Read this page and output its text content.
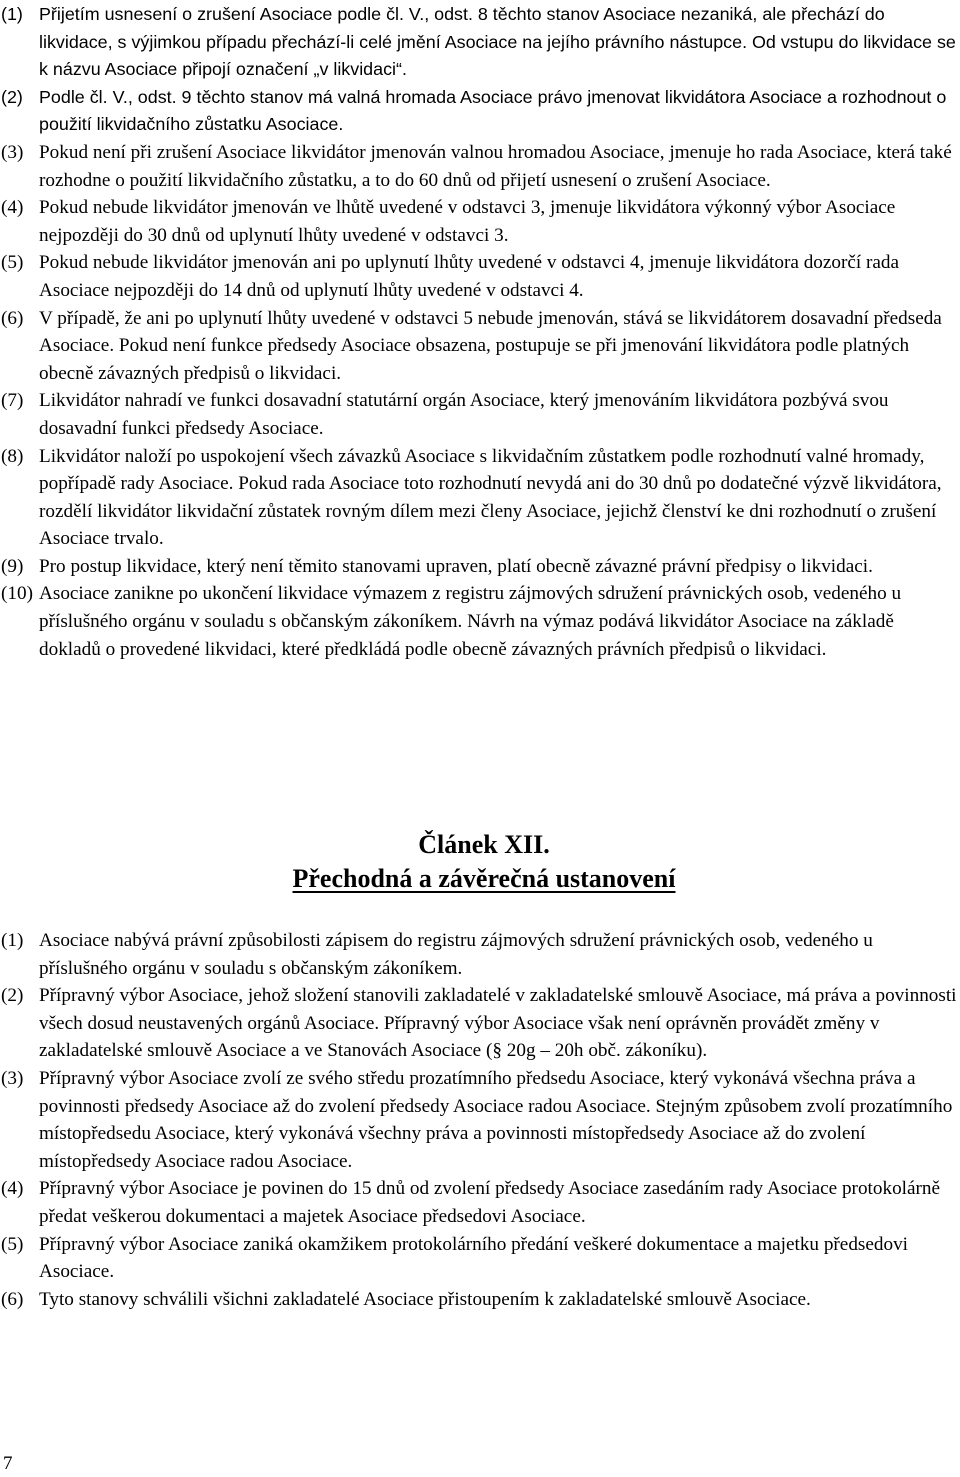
(1) Přijetím usnesení o zrušení Asociace podle čl. V., odst. 8 těchto stanov Asociace nezaniká, ale přechází do likvidace, s výjimkou případu přechází-li celé jmění Asociace na jejího právního nástupce. Od vstupu do likvidace se k názvu Asociace připojí označení „v likvidaci“.
(2) Podle čl. V., odst. 9 těchto stanov má valná hromada Asociace právo jmenovat likvidátora Asociace a rozhodnout o použití likvidačního zůstatku Asociace.
(3) Pokud není při zrušení Asociace likvidátor jmenován valnou hromadou Asociace, jmenuje ho rada Asociace, která také rozhodne o použití likvidačního zůstatku, a to do 60 dnů od přijetí usnesení o zrušení Asociace.
(4) Pokud nebude likvidátor jmenován ve lhůtě uvedené v odstavci 3, jmenuje likvidátora výkonný výbor Asociace nejpozději do 30 dnů od uplynutí lhůty uvedené v odstavci 3.
(5) Pokud nebude likvidátor jmenován ani po uplynutí lhůty uvedené v odstavci 4, jmenuje likvidátora dozorčí rada Asociace nejpozději do 14 dnů od uplynutí lhůty uvedené v odstavci 4.
(6) V případě, že ani po uplynutí lhůty uvedené v odstavci 5 nebude jmenován, stává se likvidátorem dosavadní předseda Asociace. Pokud není funkce předsedy Asociace obsazena, postupuje se při jmenování likvidátora podle platných obecně závazných předpisů o likvidaci.
(7) Likvidátor nahradí ve funkci dosavadní statutární orgán Asociace, který jmenováním likvidátora pozbývá svou dosavadní funkci předsedy Asociace.
(8) Likvidátor naloží po uspokojení všech závazků Asociace s likvidačním zůstatkem podle rozhodnutí valné hromady, popřípadě rady Asociace. Pokud rada Asociace toto rozhodnutí nevydá ani do 30 dnů po dodatečné výzvě likvidátora, rozdělí likvidátor likvidační zůstatek rovným dílem mezi členy Asociace, jejichž členství ke dni rozhodnutí o zrušení Asociace trvalo.
(9) Pro postup likvidace, který není těmito stanovami upraven, platí obecně závazné právní předpisy o likvidaci.
(10) Asociace zanikne po ukončení likvidace výmazem z registru zájmových sdružení právnických osob, vedeného u příslušného orgánu v souladu s občanským zákoníkem. Návrh na výmaz podává likvidátor Asociace na základě dokladů o provedené likvidaci, které předkládá podle obecně závazných právních předpisů o likvidaci.
Článek XII.
Přechodná a závěrečná ustanovení
(1) Asociace nabývá právní způsobilosti zápisem do registru zájmových sdružení právnických osob, vedeného u příslušného orgánu v souladu s občanským zákoníkem.
(2) Přípravný výbor Asociace, jehož složení stanovili zakladatelé v zakladatelské smlouvě Asociace, má práva a povinnosti všech dosud neustavených orgánů Asociace. Přípravný výbor Asociace však není oprávněn provádět změny v zakladatelské smlouvě Asociace a ve Stanovách Asociace (§ 20g – 20h obč. zákoníku).
(3) Přípravný výbor Asociace zvolí ze svého středu prozatímního předsedu Asociace, který vykonává všechna práva a povinnosti předsedy Asociace až do zvolení předsedy Asociace radou Asociace. Stejným způsobem zvolí prozatímního místopředsedu Asociace, který vykonává všechny práva a povinnosti místopředsedy Asociace až do zvolení místopředsedy Asociace radou Asociace.
(4) Přípravný výbor Asociace je povinen do 15 dnů od zvolení předsedy Asociace zasedáním rady Asociace protokolárně předat veškerou dokumentaci a majetek Asociace předsedovi Asociace.
(5) Přípravný výbor Asociace zaniká okamžikem protokolárního předání veškeré dokumentace a majetku předsedovi Asociace.
(6) Tyto stanovy schválili všichni zakladatelé Asociace přistoupením k zakladatelské smlouvě Asociace.
7
